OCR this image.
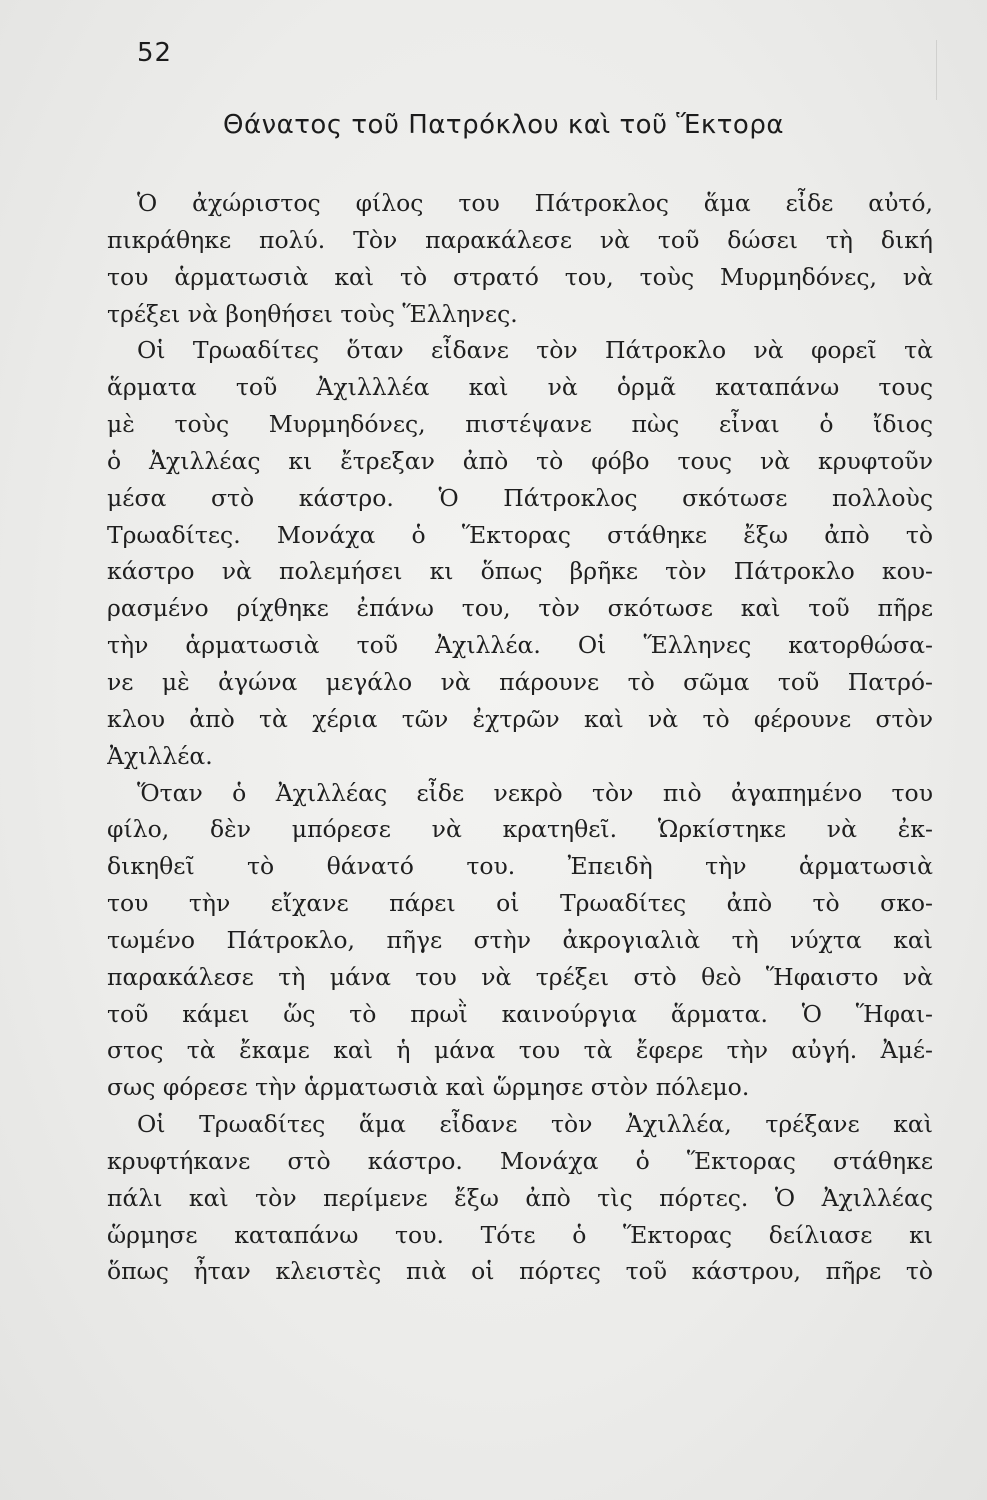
52
Θάνατος τοῦ Πατρόκλου καὶ τοῦ Ἕκτορα
Ὁ ἀχώριστος φίλος του Πάτροκλος ἅμα εἶδε αὐτό,
πικράθηκε πολύ. Τὸν παρακάλεσε νὰ τοῦ δώσει τὴ δική
του ἁρματωσιὰ καὶ τὸ στρατό του, τοὺς Μυρμηδόνες, νὰ
τρέξει νὰ βοηθήσει τοὺς Ἕλληνες.
Οἱ Τρωαδίτες ὅταν εἶδανε τὸν Πάτροκλο νὰ φορεῖ τὰ
ἅρματα τοῦ Ἀχιλλλέα καὶ νὰ ὁρμᾶ καταπάνω τους
μὲ τοὺς Μυρμηδόνες, πιστέψανε πὼς εἶναι ὁ ἴδιος
ὁ Ἀχιλλέας κι ἔτρεξαν ἀπὸ τὸ φόβο τους νὰ κρυφτοῦν
μέσα στὸ κάστρο. Ὁ Πάτροκλος σκότωσε πολλοὺς
Τρωαδίτες. Μονάχα ὁ Ἕκτορας στάθηκε ἔξω ἀπὸ τὸ
κάστρο νὰ πολεμήσει κι ὅπως βρῆκε τὸν Πάτροκλο κου-
ρασμένο ρίχθηκε ἐπάνω του, τὸν σκότωσε καὶ τοῦ πῆρε
τὴν ἁρματωσιὰ τοῦ Ἀχιλλέα. Οἱ Ἕλληνες κατορθώσα-
νε μὲ ἀγώνα μεγάλο νὰ πάρουνε τὸ σῶμα τοῦ Πατρό-
κλου ἀπὸ τὰ χέρια τῶν ἐχτρῶν καὶ νὰ τὸ φέρουνε στὸν
Ἀχιλλέα.
Ὅταν ὁ Ἀχιλλέας εἶδε νεκρὸ τὸν πιὸ ἀγαπημένο του
φίλο, δὲν μπόρεσε νὰ κρατηθεῖ. Ὡρκίστηκε νὰ ἐκ-
δικηθεῖ τὸ θάνατό του. Ἐπειδὴ τὴν ἁρματωσιὰ
του τὴν εἴχανε πάρει οἱ Τρωαδίτες ἀπὸ τὸ σκο-
τωμένο Πάτροκλο, πῆγε στὴν ἀκρογιαλιὰ τὴ νύχτα καὶ
παρακάλεσε τὴ μάνα του νὰ τρέξει στὸ θεὸ Ἥφαιστο νὰ
τοῦ κάμει ὥς τὸ πρωῒ καινούργια ἅρματα. Ὁ Ἥφαι-
στος τὰ ἔκαμε καὶ ἡ μάνα του τὰ ἔφερε τὴν αὐγή. Ἀμέ-
σως φόρεσε τὴν ἁρματωσιὰ καὶ ὥρμησε στὸν πόλεμο.
Οἱ Τρωαδίτες ἅμα εἶδανε τὸν Ἀχιλλέα, τρέξανε καὶ
κρυφτήκανε στὸ κάστρο. Μονάχα ὁ Ἕκτορας στάθηκε
πάλι καὶ τὸν περίμενε ἔξω ἀπὸ τὶς πόρτες. Ὁ Ἀχιλλέας
ὥρμησε καταπάνω του. Τότε ὁ Ἕκτορας δείλιασε κι
ὅπως ἦταν κλειστὲς πιὰ οἱ πόρτες τοῦ κάστρου, πῆρε τὸ
